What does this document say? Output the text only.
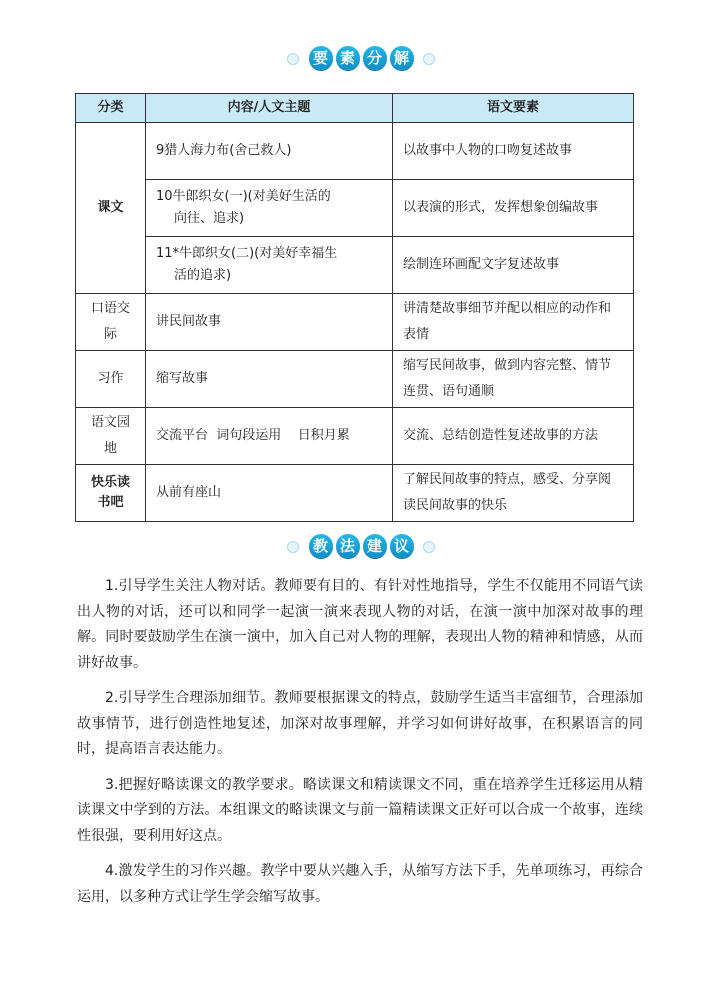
要 素 分 解

分类	内容/人文主题	语文要素
课文	9猎人海力布(舍己救人)	以故事中人物的口吻复述故事

	10牛郎织女(一)(对美好生活的
向往、追求)	以表演的形式，发挥想象创编故事

	11*牛郎织女(二)(对美好幸福生
活的追求)	绘制连环画配文字复述故事
口语交际	讲民间故事	讲清楚故事细节并配以相应的动作和表情
习作	缩写故事	缩写民间故事，做到内容完整、情节连贯、语句通顺
语文园地	交流平台  词句段运用    日积月累	交流、总结创造性复述故事的方法
快乐读书吧	从前有座山	了解民间故事的特点，感受、分享阅读民间故事的快乐

教 法 建 议

1.引导学生关注人物对话。教师要有目的、有针对性地指导，学生不仅能用不同语气读出人物的对话，还可以和同学一起演一演来表现人物的对话，在演一演中加深对故事的理解。同时要鼓励学生在演一演中，加入自己对人物的理解，表现出人物的精神和情感，从而讲好故事。

2.引导学生合理添加细节。教师要根据课文的特点，鼓励学生适当丰富细节，合理添加故事情节，进行创造性地复述，加深对故事理解，并学习如何讲好故事，在积累语言的同时，提高语言表达能力。

3.把握好略读课文的教学要求。略读课文和精读课文不同，重在培养学生迁移运用从精读课文中学到的方法。本组课文的略读课文与前一篇精读课文正好可以合成一个故事，连续性很强，要利用好这点。

4.激发学生的习作兴趣。教学中要从兴趣入手，从缩写方法下手，先单项练习，再综合运用，以多种方式让学生学会缩写故事。
